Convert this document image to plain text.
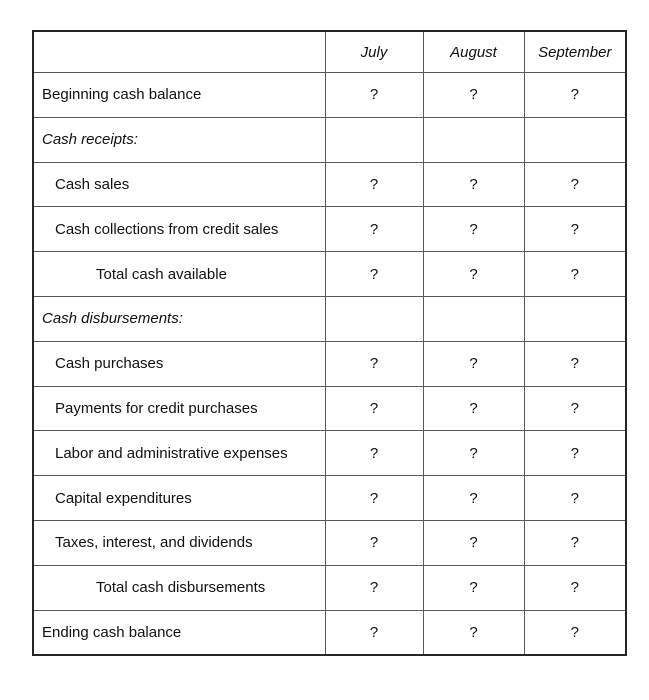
	July	August	September
Beginning cash balance	?	?	?
Cash receipts:			
Cash sales	?	?	?
Cash collections from credit sales	?	?	?
Total cash available	?	?	?
Cash disbursements:			
Cash purchases	?	?	?
Payments for credit purchases	?	?	?
Labor and administrative expenses	?	?	?
Capital expenditures	?	?	?
Taxes, interest, and dividends	?	?	?
Total cash disbursements	?	?	?
Ending cash balance	?	?	?
